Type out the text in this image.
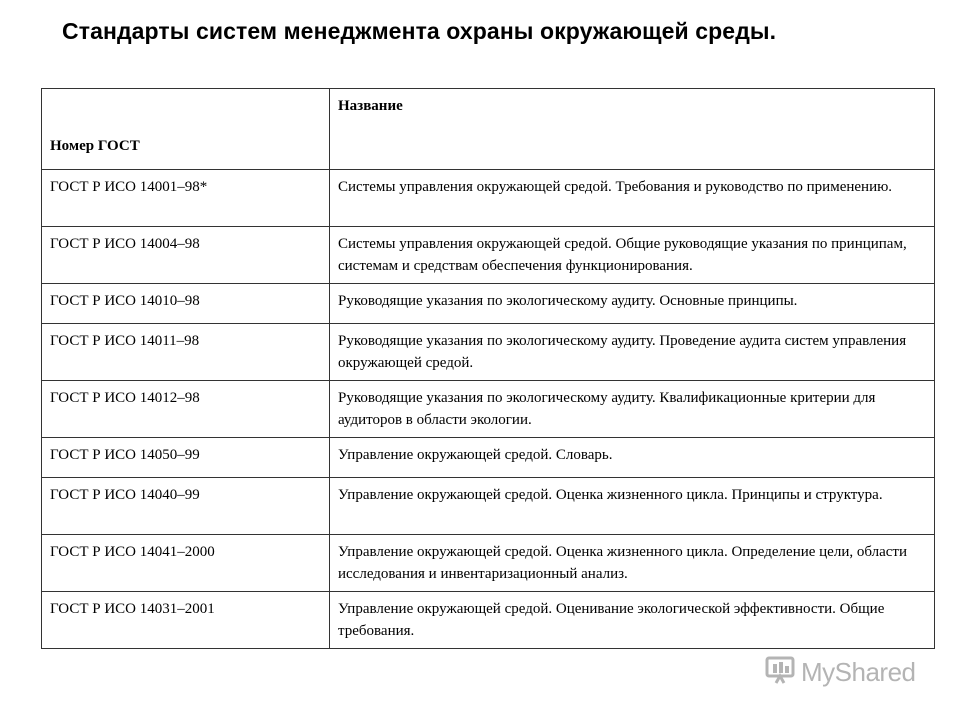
Стандарты систем менеджмента охраны окружающей среды.
Номер ГОСТ	Название
ГОСТ Р ИСО 14001–98*	Системы управления окружающей средой. Требования и руководство по применению.
ГОСТ Р ИСО 14004–98	Системы управления окружающей средой. Общие руководящие указания по принципам, системам и средствам обеспечения функционирования.
ГОСТ Р ИСО 14010–98	Руководящие указания по экологическому аудиту. Основные принципы.
ГОСТ Р ИСО 14011–98	Руководящие указания по экологическому аудиту. Проведение аудита систем управления окружающей средой.
ГОСТ Р ИСО 14012–98	Руководящие указания по экологическому аудиту. Квалификационные критерии для аудиторов в области экологии.
ГОСТ Р ИСО 14050–99	Управление окружающей средой. Словарь.
ГОСТ Р ИСО 14040–99	Управление окружающей средой. Оценка жизненного цикла. Принципы и структура.
ГОСТ Р ИСО 14041–2000	Управление окружающей средой. Оценка жизненного цикла. Определение цели, области исследования и инвентаризационный анализ.
ГОСТ Р ИСО 14031–2001	Управление окружающей средой. Оценивание экологической эффективности. Общие требования.
MyShared
